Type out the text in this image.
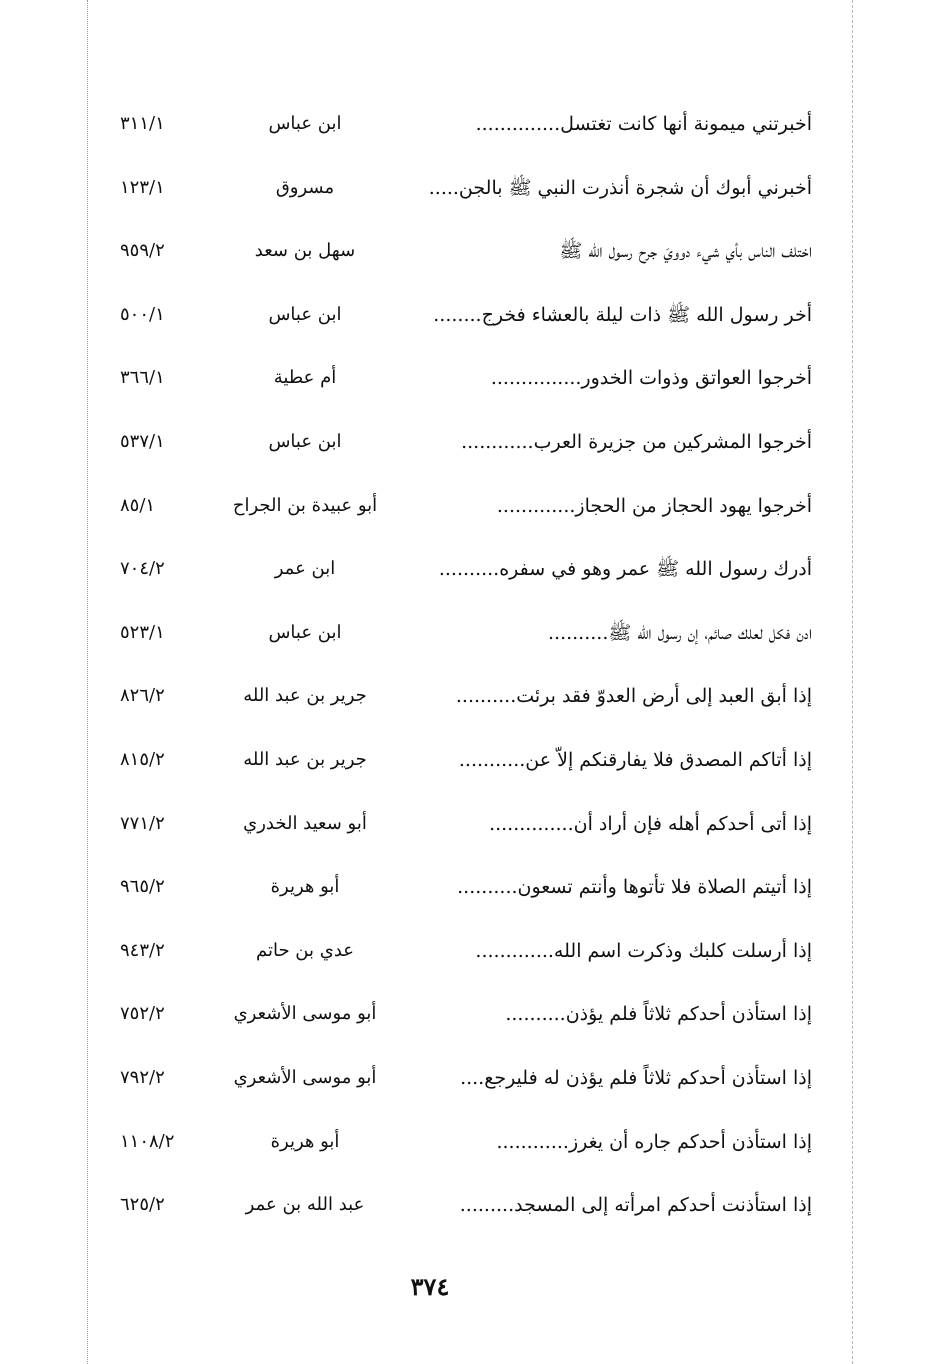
أخبرتني ميمونة أنها كانت تغتسل..............
ابن عباس
٣١١/١
أخبرني أبوك أن شجرة أنذرت النبي ﷺ بالجن.....
مسروق
١٢٣/١
اختلف الناس بأي شيء دوويَ جرح رسول الله ﷺ
سهل بن سعد
٩٥٩/٢
أخر رسول الله ﷺ ذات ليلة بالعشاء فخرج........
ابن عباس
٥٠٠/١
أخرجوا العواتق وذوات الخدور...............
أم عطية
٣٦٦/١
أخرجوا المشركين من جزيرة العرب............
ابن عباس
٥٣٧/١
أخرجوا يهود الحجاز من الحجاز.............
أبو عبيدة بن الجراح
٨٥/١
أدرك رسول الله ﷺ عمر وهو في سفره..........
ابن عمر
٧٠٤/٢
ادن فكل لعلك صائم، إن رسول الله ﷺ..........
ابن عباس
٥٢٣/١
إذا أبق العبد إلى أرض العدوّ فقد برئت..........
جرير بن عبد الله
٨٢٦/٢
إذا أتاكم المصدق فلا يفارقنكم إلاّ عن...........
جرير بن عبد الله
٨١٥/٢
إذا أتى أحدكم أهله فإن أراد أن..............
أبو سعيد الخدري
٧٧١/٢
إذا أتيتم الصلاة فلا تأتوها وأنتم تسعون..........
أبو هريرة
٩٦٥/٢
إذا أرسلت كلبك وذكرت اسم الله.............
عدي بن حاتم
٩٤٣/٢
إذا استأذن أحدكم ثلاثاً فلم يؤذن..........
أبو موسى الأشعري
٧٥٢/٢
إذا استأذن أحدكم ثلاثاً فلم يؤذن له فليرجع....
أبو موسى الأشعري
٧٩٢/٢
إذا استأذن أحدكم جاره أن يغرز............
أبو هريرة
١١٠٨/٢
إذا استأذنت أحدكم امرأته إلى المسجد.........
عبد الله بن عمر
٦٢٥/٢
٣٧٤
